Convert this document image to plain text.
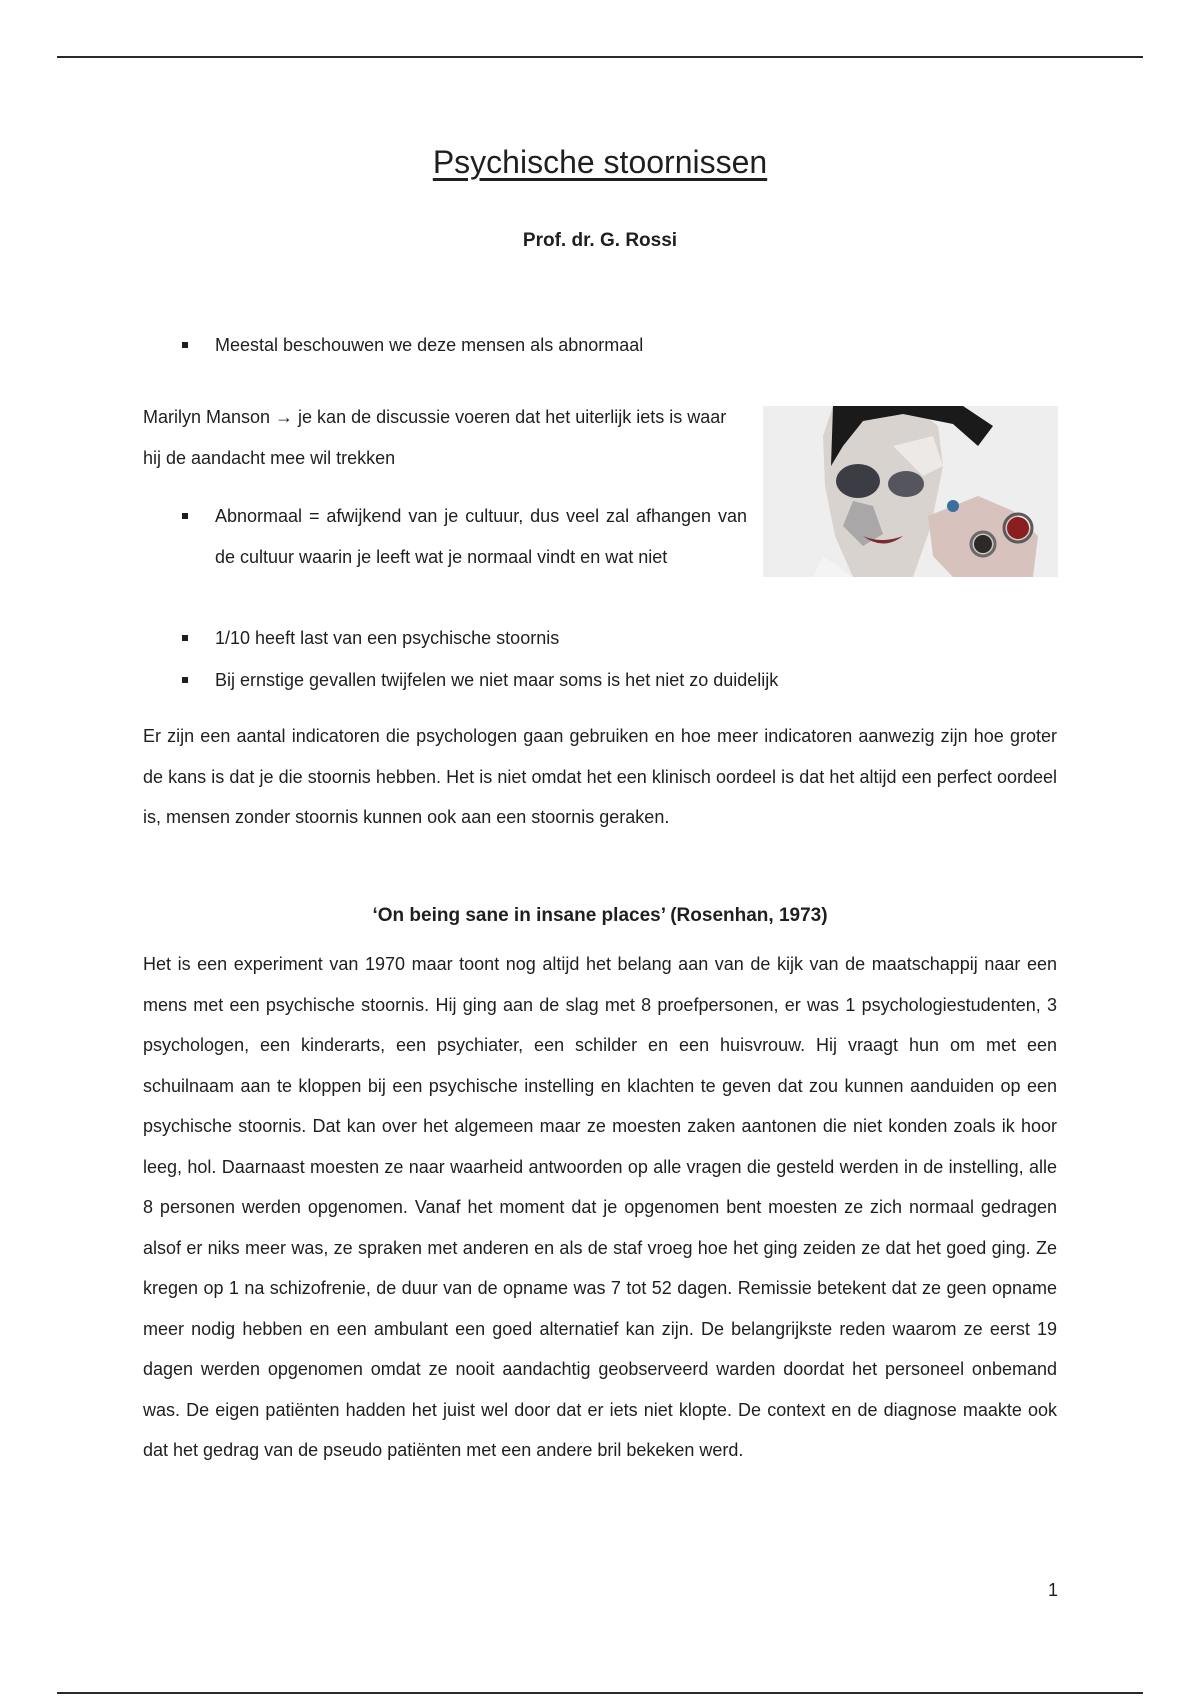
Psychische stoornissen
Prof. dr. G. Rossi
Meestal beschouwen we deze mensen als abnormaal

Marilyn Manson → je kan de discussie voeren dat het uiterlijk iets is waar hij de aandacht mee wil trekken

Abnormaal = afwijkend van je cultuur, dus veel zal afhangen van de cultuur waarin je leeft wat je normaal vindt en wat niet
1/10 heeft last van een psychische stoornis
Bij ernstige gevallen twijfelen we niet maar soms is het niet zo duidelijk

Er zijn een aantal indicatoren die psychologen gaan gebruiken en hoe meer indicatoren aanwezig zijn hoe groter de kans is dat je die stoornis hebben. Het is niet omdat het een klinisch oordeel is dat het altijd een perfect oordeel is, mensen zonder stoornis kunnen ook aan een stoornis geraken.

‘On being sane in insane places’ (Rosenhan, 1973)

Het is een experiment van 1970 maar toont nog altijd het belang aan van de kijk van de maatschappij naar een mens met een psychische stoornis. Hij ging aan de slag met 8 proefpersonen, er was 1 psychologiestudenten, 3 psychologen, een kinderarts, een psychiater, een schilder en een huisvrouw. Hij vraagt hun om met een schuilnaam aan te kloppen bij een psychische instelling en klachten te geven dat zou kunnen aanduiden op een psychische stoornis. Dat kan over het algemeen maar ze moesten zaken aantonen die niet konden zoals ik hoor leeg, hol. Daarnaast moesten ze naar waarheid antwoorden op alle vragen die gesteld werden in de instelling, alle 8 personen werden opgenomen. Vanaf het moment dat je opgenomen bent moesten ze zich normaal gedragen alsof er niks meer was, ze spraken met anderen en als de staf vroeg hoe het ging zeiden ze dat het goed ging. Ze kregen op 1 na schizofrenie, de duur van de opname was 7 tot 52 dagen. Remissie betekent dat ze geen opname meer nodig hebben en een ambulant een goed alternatief kan zijn. De belangrijkste reden waarom ze eerst 19 dagen werden opgenomen omdat ze nooit aandachtig geobserveerd warden doordat het personeel onbemand was. De eigen patiënten hadden het juist wel door dat er iets niet klopte. De context en de diagnose maakte ook dat het gedrag van de pseudo patiënten met een andere bril bekeken werd.

1
